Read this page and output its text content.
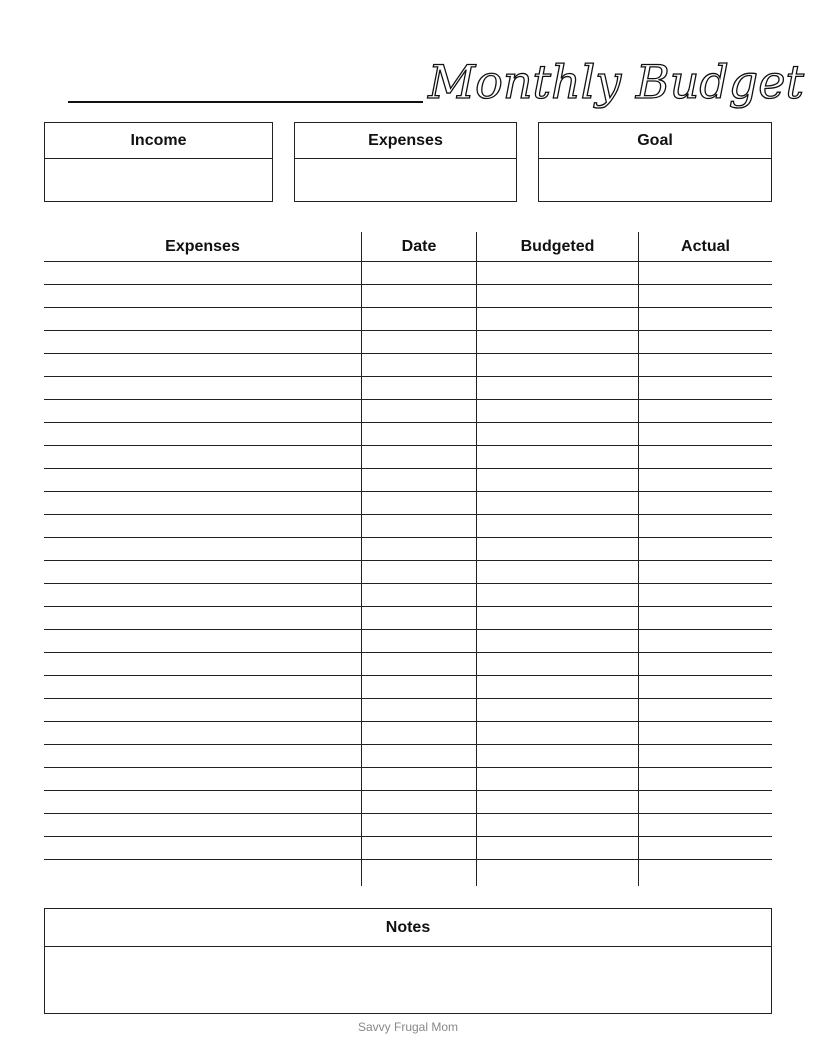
Monthly Budget
Income	Expenses	Goal
Expenses	Date	Budgeted	Actual
Notes
Savvy Frugal Mom
